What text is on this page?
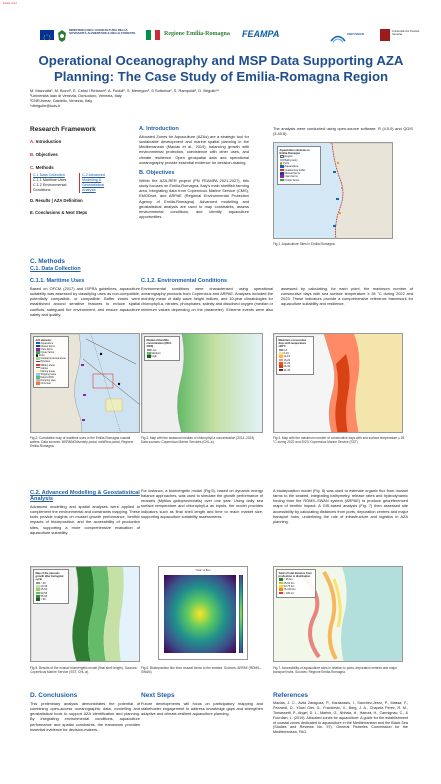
Poster Conf
MINISTERO DELL'AGRICOLTURA DELLA SOVRANITÀ ALIMENTARE E DELLE FORESTE	Regione Emilia-Romagna FEAMPA	CNR ISMAR
Università Ca' Foscari Venezia
Operational Oceanography and MSP Data Supporting AZA Planning: The Case Study of Emilia-Romagna Region
M. Mazzotta¹, M. Bocci¹, E. Cahsi i Reixach¹, A. Fudoli¹, S. Menegon², S Sottoriva², S. Rampoldi¹, D. Brigolin¹*
¹Università Iuav di Venezia, Dorsoduro, Venezia, Italy
²CNR-Ismar, Castello, Venezia, Italy
*dbrigolin@iuav.it
Research Framework
A. Introduction
B. Objectives
C. Methods
C.1 Data Collection
C.1.1 Maritime Uses
C.1.2 Environmental Conditions
C.2 Advanced Modelling & Geostatistical Analysis
D. Results | AZA Definition
E. Conclusions & Next Steps
A. Introduction
Allocated Zones for Aquaculture (AZAs) are a strategic tool for sustainable development and marine spatial planning in the Mediterranean (Macias et al., 2019), balancing growth with environmental protection, coexistence with other uses, and climate resilience. Open geospatial data and operational oceanography provide essential evidence for decision-making.
B. Objectives
Within the AZA-RER project (PN FEAMPA 2021-2027), this study focuses on Emilia-Romagna, Italy's main shellfish farming area, integrating data from Copernicus Marine Service (CMS), EMODnet, and ARPAE (Regional Environmental Protection Agency of Emilia-Romagna). Advanced modelling and geostatistical analysis are used to map constraints, assess environmental conditions, and identify aquaculture opportunities.
The analysis were conducted using open-source software: R (4.5.0) and QGIS (3.40.5).
Aquaculture elements in Emilia-Romagna
Region
Bathymetry
Ports
Aquaculture
Coastal line buffer
Mussel farms
Clam farms
Oyster farms
Fig.1. Aquaculture Sites in Emilia-Romagna.
C. Methods
C.1. Data Collection
C.1.1. Maritime Uses
Based on OFCM (2017) and ISPRA guidelines, aquaculture suitability was assessed by classifying uses as non-compatible, potentially compatible, or compatible. Buffer zones were established around sensitive features to reduce spatial conflicts, safeguard the environment, and ensure aquaculture safety and quality.
AZA elements
Aquaculture
Mussel farms
Clam farms
Oyster farms
Ports
Coastal protected areas
Pipelines
Military areas
Cables
Fishing areas
Shipping lanes
Natura 2000
Dumping sites
Oil & Gas
Fig.2: Cumulative map of maritime uses in the Emilia-Romagna coastal waters. Data sources: MSPABIOdiversity portal, mintRiva portal, Regione Emilia-Romagna.
C.1.2. Environmental Conditions
Environmental conditions were characterised using operational oceanography products from Copernicus and ARPAE. Analyses included the monthly mean of daily wave height indices, and 10-year climatologies for chlorophyll-a, nitrates, phosphates, salinity and dissolved oxygen (median or minimum values depending on the parameter). Extreme events were also assessed by calculating, for each point, the maximum number of consecutive days with sea surface temperature ≥ 28 °C during 2022 and 2023. These indicators provide a comprehensive reference framework for aquaculture suitability and resilience.
Median chlorofilla concentration (2014-2023)
Low
Medium
High
Fig.3. Map with the seasonal median of chlorophyll a concentration (2014–2023). Data sources: Copernicus Marine Services (CHL-a).
Maximum consecutive days with temperature ≥28°C
0-5
6-10
11-15
16-20
21-25
26-30
31-40
Fig.4. Map with the maximum number of consecutive days with sea surface temperature ≥ 28 °C during 2022 and 2023. Copernicus Marine Service (SST).
C.2. Advanced Modelling & Geostatistical Analysis
Advanced modelling and spatial analyses were applied to complement the environmental and constraints mapping. These tools provide insights on mussel growth performance, benthic impacts of biodeposition, and the accessibility of production sites, supporting a more comprehensive evaluation of aquaculture suitability.
For instance, a bioenergetic model (Fig.5), based on dynamic energy balance approaches, was used to simulate the growth performance of mussels (Mytilus galloprovincialis) over one year. Using daily sea surface temperature and chlorophyll-a as inputs, the model provides indicators such as final shell length and time to reach market size, supporting aquaculture suitability assessments.
A biodeposition model (Fig. 6) was used to estimate organic flux from mussel farms to the seabed, integrating bathymetry, release rates and hydrodynamic forcing from the ROMS–SWAN system (ARPAE) to produce georeferenced maps of benthic impact. A GIS-based analysis (Fig. 7) then assessed site accessibility by calculating distances from ports, depuration centres and major transport hubs, underlining the role of infrastructure and logistics in AZA planning.
Map of the mussels growth after biological cycle
< 40
40-45
45-50
50-55
55-60
> 60
Fig.5. Results of the mussel bioenergetic model (final shell length). Sources: Copernicus Marine Service (SST, CHL-a).
Year: 2 flux
Fig.6. Biodeposition flux from mussel farms to the seabed. Sources: ARPAE (ROMS–SWAN).
Total of total distance from production to distribution
< 25 km
25-50 km
50-75 km
75-100 km
> 100 km
Fig.7. Accessibility of aquaculture sites in relation to ports, depuration centres and major transport hubs. Sources: Regione Emilia-Romagna.
D. Conclusions
This preliminary analysis demonstrates the potential of combining open-access oceanographic data, modelling and geostatistical tools to support AZA identification and planning. By integrating environmental conditions, aquaculture performance and spatial constraints, the framework provides essential evidence for decision-makers.
Next Steps
Future developments will focus on participatory mapping and stakeholder engagement to address knowledge gaps and strengthen adaptive and climate-resilient aquaculture planning.
References
Macias, J. C., Avila Zaragoza, P., Karakassis, I., Sanchez-Jerez, P., Massa, F., Fezzardi, D., Yücel Gier, G., Franičević, V., Borg, J. A., Chapela Pérez, R. M., Tomassetti, P., Angel, D. L., Marino, G., Nhhala, H., Hamza, H., Carmignac, C., & Fourdain, L. (2019). Allocated zones for aquaculture: A guide for the establishment of coastal zones dedicated to aquaculture in the Mediterranean and the Black Sea (Studies and Reviews No. 97). General Fisheries Commission for the Mediterranean, FAO.
